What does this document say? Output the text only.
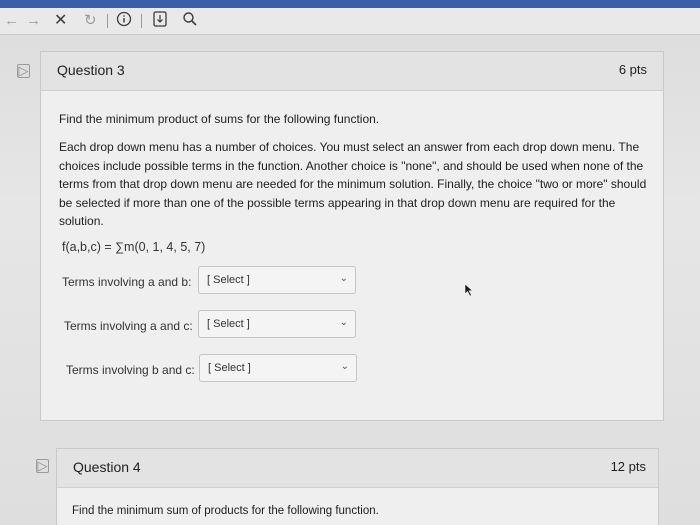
← → ✕ ↻
▷ Question 3	6 pts
Find the minimum product of sums for the following function.
Each drop down menu has a number of choices. You must select an answer from each drop down menu. The choices include possible terms in the function. Another choice is "none", and should be used when none of the terms from that drop down menu are needed for the minimum solution. Finally, the choice "two or more" should be selected if more than one of the possible terms appearing in that drop down menu are required for the solution.
f(a,b,c) = ∑m(0, 1, 4, 5, 7)
Terms involving a and b: [ Select ]	⌄
Terms involving a and c: [ Select ]	⌄
Terms involving b and c: [ Select ]	⌄
▷ Question 4	12 pts
Find the minimum sum of products for the following function.
